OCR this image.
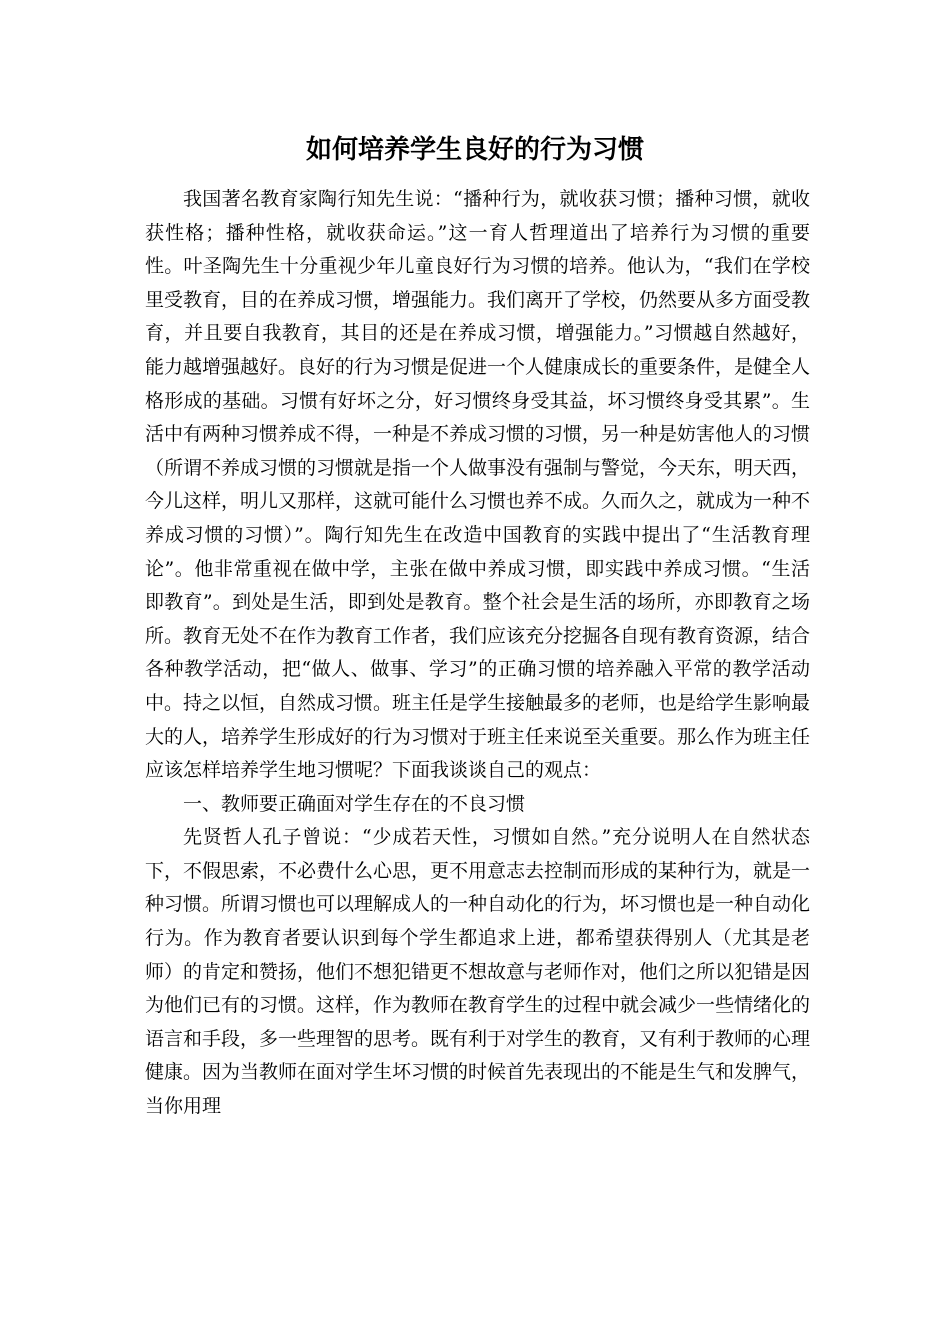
如何培养学生良好的行为习惯

我国著名教育家陶行知先生说：“播种行为，就收获习惯；播种习惯，就收获性格；播种性格，就收获命运。”这一育人哲理道出了培养行为习惯的重要性。叶圣陶先生十分重视少年儿童良好行为习惯的培养。他认为，“我们在学校里受教育，目的在养成习惯，增强能力。我们离开了学校，仍然要从多方面受教育，并且要自我教育，其目的还是在养成习惯，增强能力。”习惯越自然越好，能力越增强越好。良好的行为习惯是促进一个人健康成长的重要条件，是健全人格形成的基础。习惯有好坏之分，好习惯终身受其益，坏习惯终身受其累”。生活中有两种习惯养成不得，一种是不养成习惯的习惯，另一种是妨害他人的习惯（所谓不养成习惯的习惯就是指一个人做事没有强制与警觉，今天东，明天西，今儿这样，明儿又那样，这就可能什么习惯也养不成。久而久之，就成为一种不养成习惯的习惯）”。陶行知先生在改造中国教育的实践中提出了“生活教育理论”。他非常重视在做中学，主张在做中养成习惯，即实践中养成习惯。“生活即教育”。到处是生活，即到处是教育。整个社会是生活的场所，亦即教育之场所。教育无处不在作为教育工作者，我们应该充分挖掘各自现有教育资源，结合各种教学活动，把“做人、做事、学习”的正确习惯的培养融入平常的教学活动中。持之以恒，自然成习惯。班主任是学生接触最多的老师，也是给学生影响最大的人，培养学生形成好的行为习惯对于班主任来说至关重要。那么作为班主任应该怎样培养学生地习惯呢？下面我谈谈自己的观点：

一、教师要正确面对学生存在的不良习惯

先贤哲人孔子曾说：“少成若天性，习惯如自然。”充分说明人在自然状态下，不假思索，不必费什么心思，更不用意志去控制而形成的某种行为，就是一种习惯。所谓习惯也可以理解成人的一种自动化的行为，坏习惯也是一种自动化行为。作为教育者要认识到每个学生都追求上进，都希望获得别人（尤其是老师）的肯定和赞扬，他们不想犯错更不想故意与老师作对，他们之所以犯错是因为他们已有的习惯。这样，作为教师在教育学生的过程中就会减少一些情绪化的语言和手段，多一些理智的思考。既有利于对学生的教育，又有利于教师的心理健康。因为当教师在面对学生坏习惯的时候首先表现出的不能是生气和发脾气，当你用理
